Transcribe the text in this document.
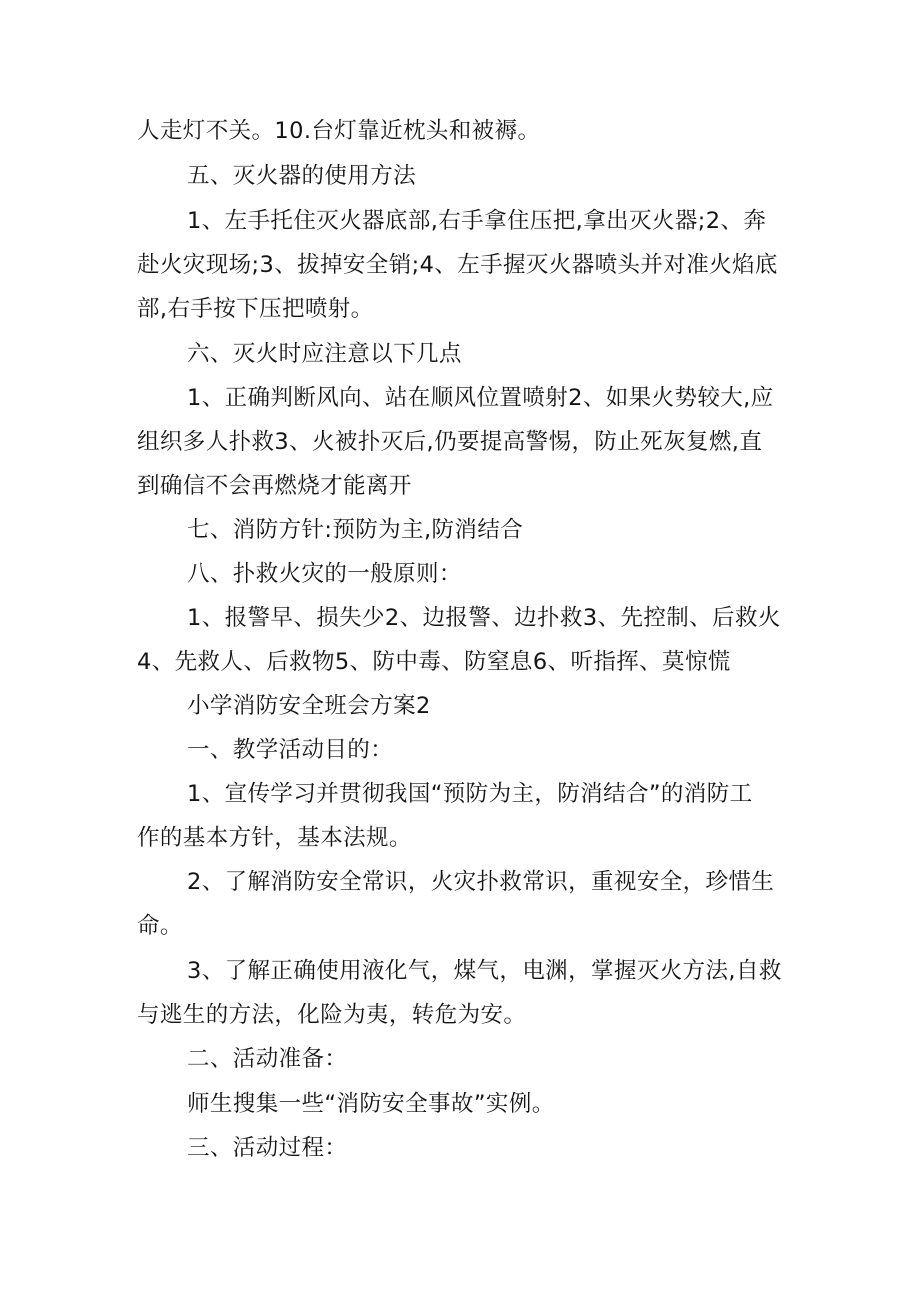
人走灯不关。10.台灯靠近枕头和被褥。
五、灭火器的使用方法
1、左手托住灭火器底部,右手拿住压把,拿出灭火器;2、奔
赴火灾现场;3、拔掉安全销;4、左手握灭火器喷头并对准火焰底
部,右手按下压把喷射。
六、灭火时应注意以下几点
1、正确判断风向、站在顺风位置喷射2、如果火势较大,应
组织多人扑救3、火被扑灭后,仍要提高警惕，防止死灰复燃,直
到确信不会再燃烧才能离开
七、消防方针:预防为主,防消结合
八、扑救火灾的一般原则：
1、报警早、损失少2、边报警、边扑救3、先控制、后救火
4、先救人、后救物5、防中毒、防窒息6、听指挥、莫惊慌
小学消防安全班会方案2
一、教学活动目的：
1、宣传学习并贯彻我国“预防为主，防消结合”的消防工
作的基本方针，基本法规。
2、了解消防安全常识，火灾扑救常识，重视安全，珍惜生
命。
3、了解正确使用液化气，煤气，电渊，掌握灭火方法,自救
与逃生的方法，化险为夷，转危为安。
二、活动准备：
师生搜集一些“消防安全事故”实例。
三、活动过程：
